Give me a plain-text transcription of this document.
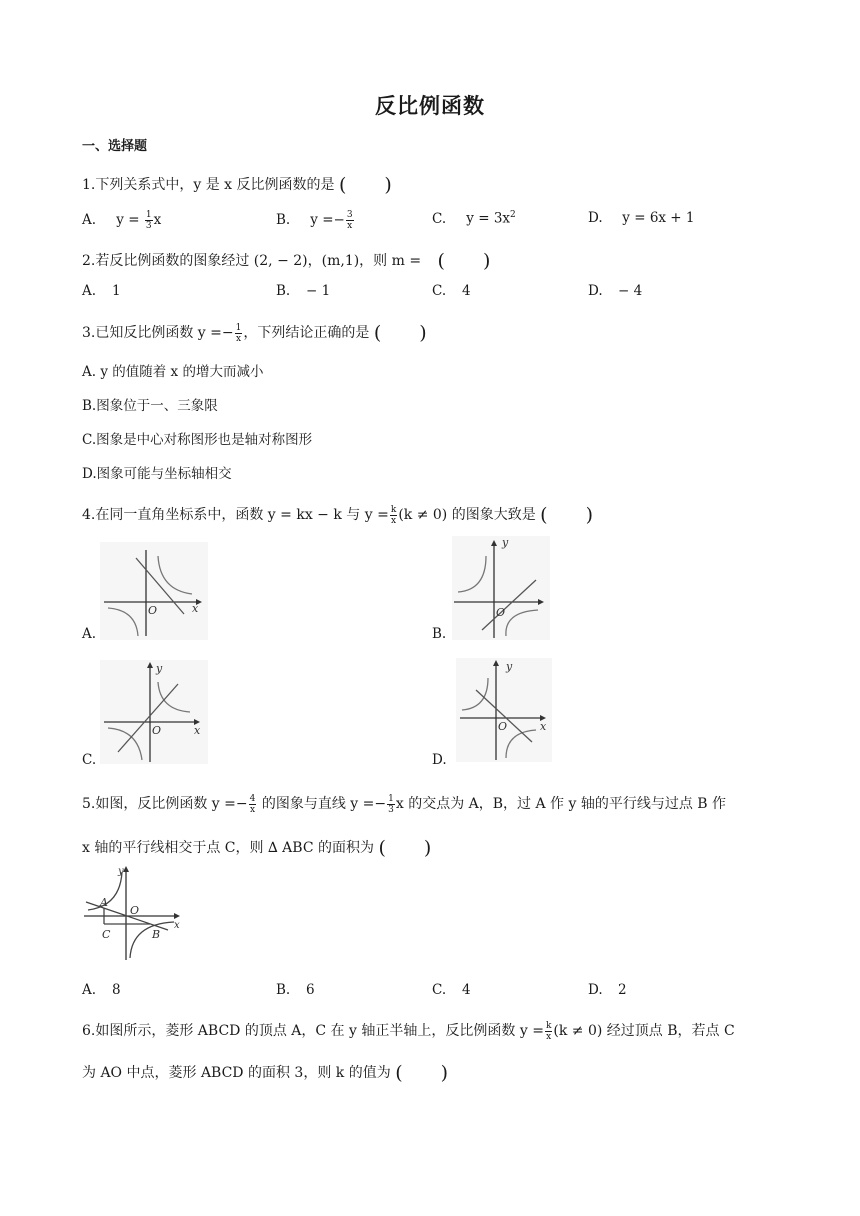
反比例函数
一、选择题
1.下列关系式中，y 是 x 反比例函数的是 (　　)
A. $y = \frac{1}{3}$ x	B. $y =- \frac{3}{x}$	C. $y = 3x^2$	D. y = 6x + 1
2.若反比例函数的图象经过 (2, − 2)，(m,1)，则 m = (　　)
A. 1	B. − 1	C. 4	D. − 4
3.已知反比例函数 $y =- \frac{1}{x}$ ，下列结论正确的是 (　　)
A. y 的值随着 x 的增大而减小
B.图象位于一、三象限
C.图象是中心对称图形也是轴对称图形
D.图象可能与坐标轴相交
4.在同一直角坐标系中，函数 y = kx − k 与 $y = \frac{k}{x} (k \ne 0)$ 的图象大致是 (　　)
O	x
A.
y
O
B.
y
O	x
C.
y
O	x
D.
5.如图，反比例函数 $y =- \frac{4}{x}$ 的图象与直线 $y =- \frac{1}{3}$ x 的交点为 A，B，过 A 作 y 轴的平行线与过点 B 作
x 轴的平行线相交于点 C，则 ∆ ABC 的面积为 (　　)
A
B
C
O
x
y
A. 8	B. 6	C. 4	D. 2
6.如图所示，菱形 ABCD 的顶点 A，C 在 y 轴正半轴上，反比例函数 $y = \frac{k}{x} (k \ne 0)$ 经过顶点 B，若点 C
为 AO 中点，菱形 ABCD 的面积 3，则 k 的值为 (　　)
